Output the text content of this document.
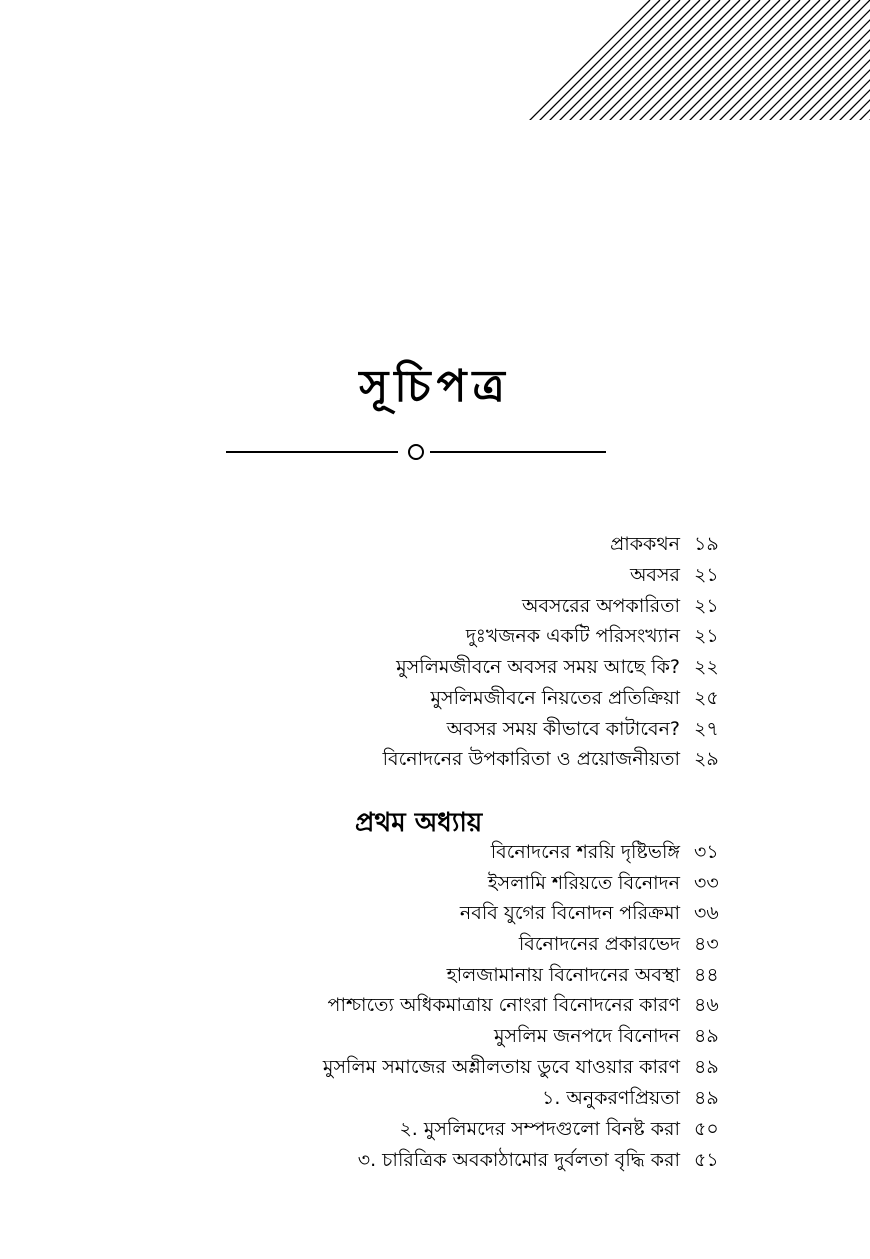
সূচিপত্র
প্রাককথন ১৯
অবসর ২১
অবসরের অপকারিতা ২১
দুঃখজনক একটি পরিসংখ্যান ২১
মুসলিমজীবনে অবসর সময় আছে কি? ২২
মুসলিমজীবনে নিয়তের প্রতিক্রিয়া ২৫
অবসর সময় কীভাবে কাটাবেন? ২৭
বিনোদনের উপকারিতা ও প্রয়োজনীয়তা ২৯
প্রথম অধ্যায়
বিনোদনের শরয়ি দৃষ্টিভঙ্গি ৩১
ইসলামি শরিয়তে বিনোদন ৩৩
নববি যুগের বিনোদন পরিক্রমা ৩৬
বিনোদনের প্রকারভেদ ৪৩
হালজামানায় বিনোদনের অবস্থা ৪৪
পাশ্চাত্যে অধিকমাত্রায় নোংরা বিনোদনের কারণ ৪৬
মুসলিম জনপদে বিনোদন ৪৯
মুসলিম সমাজের অশ্লীলতায় ডুবে যাওয়ার কারণ ৪৯
১. অনুকরণপ্রিয়তা ৪৯
২. মুসলিমদের সম্পদগুলো বিনষ্ট করা ৫০
৩. চারিত্রিক অবকাঠামোর দুর্বলতা বৃদ্ধি করা ৫১
